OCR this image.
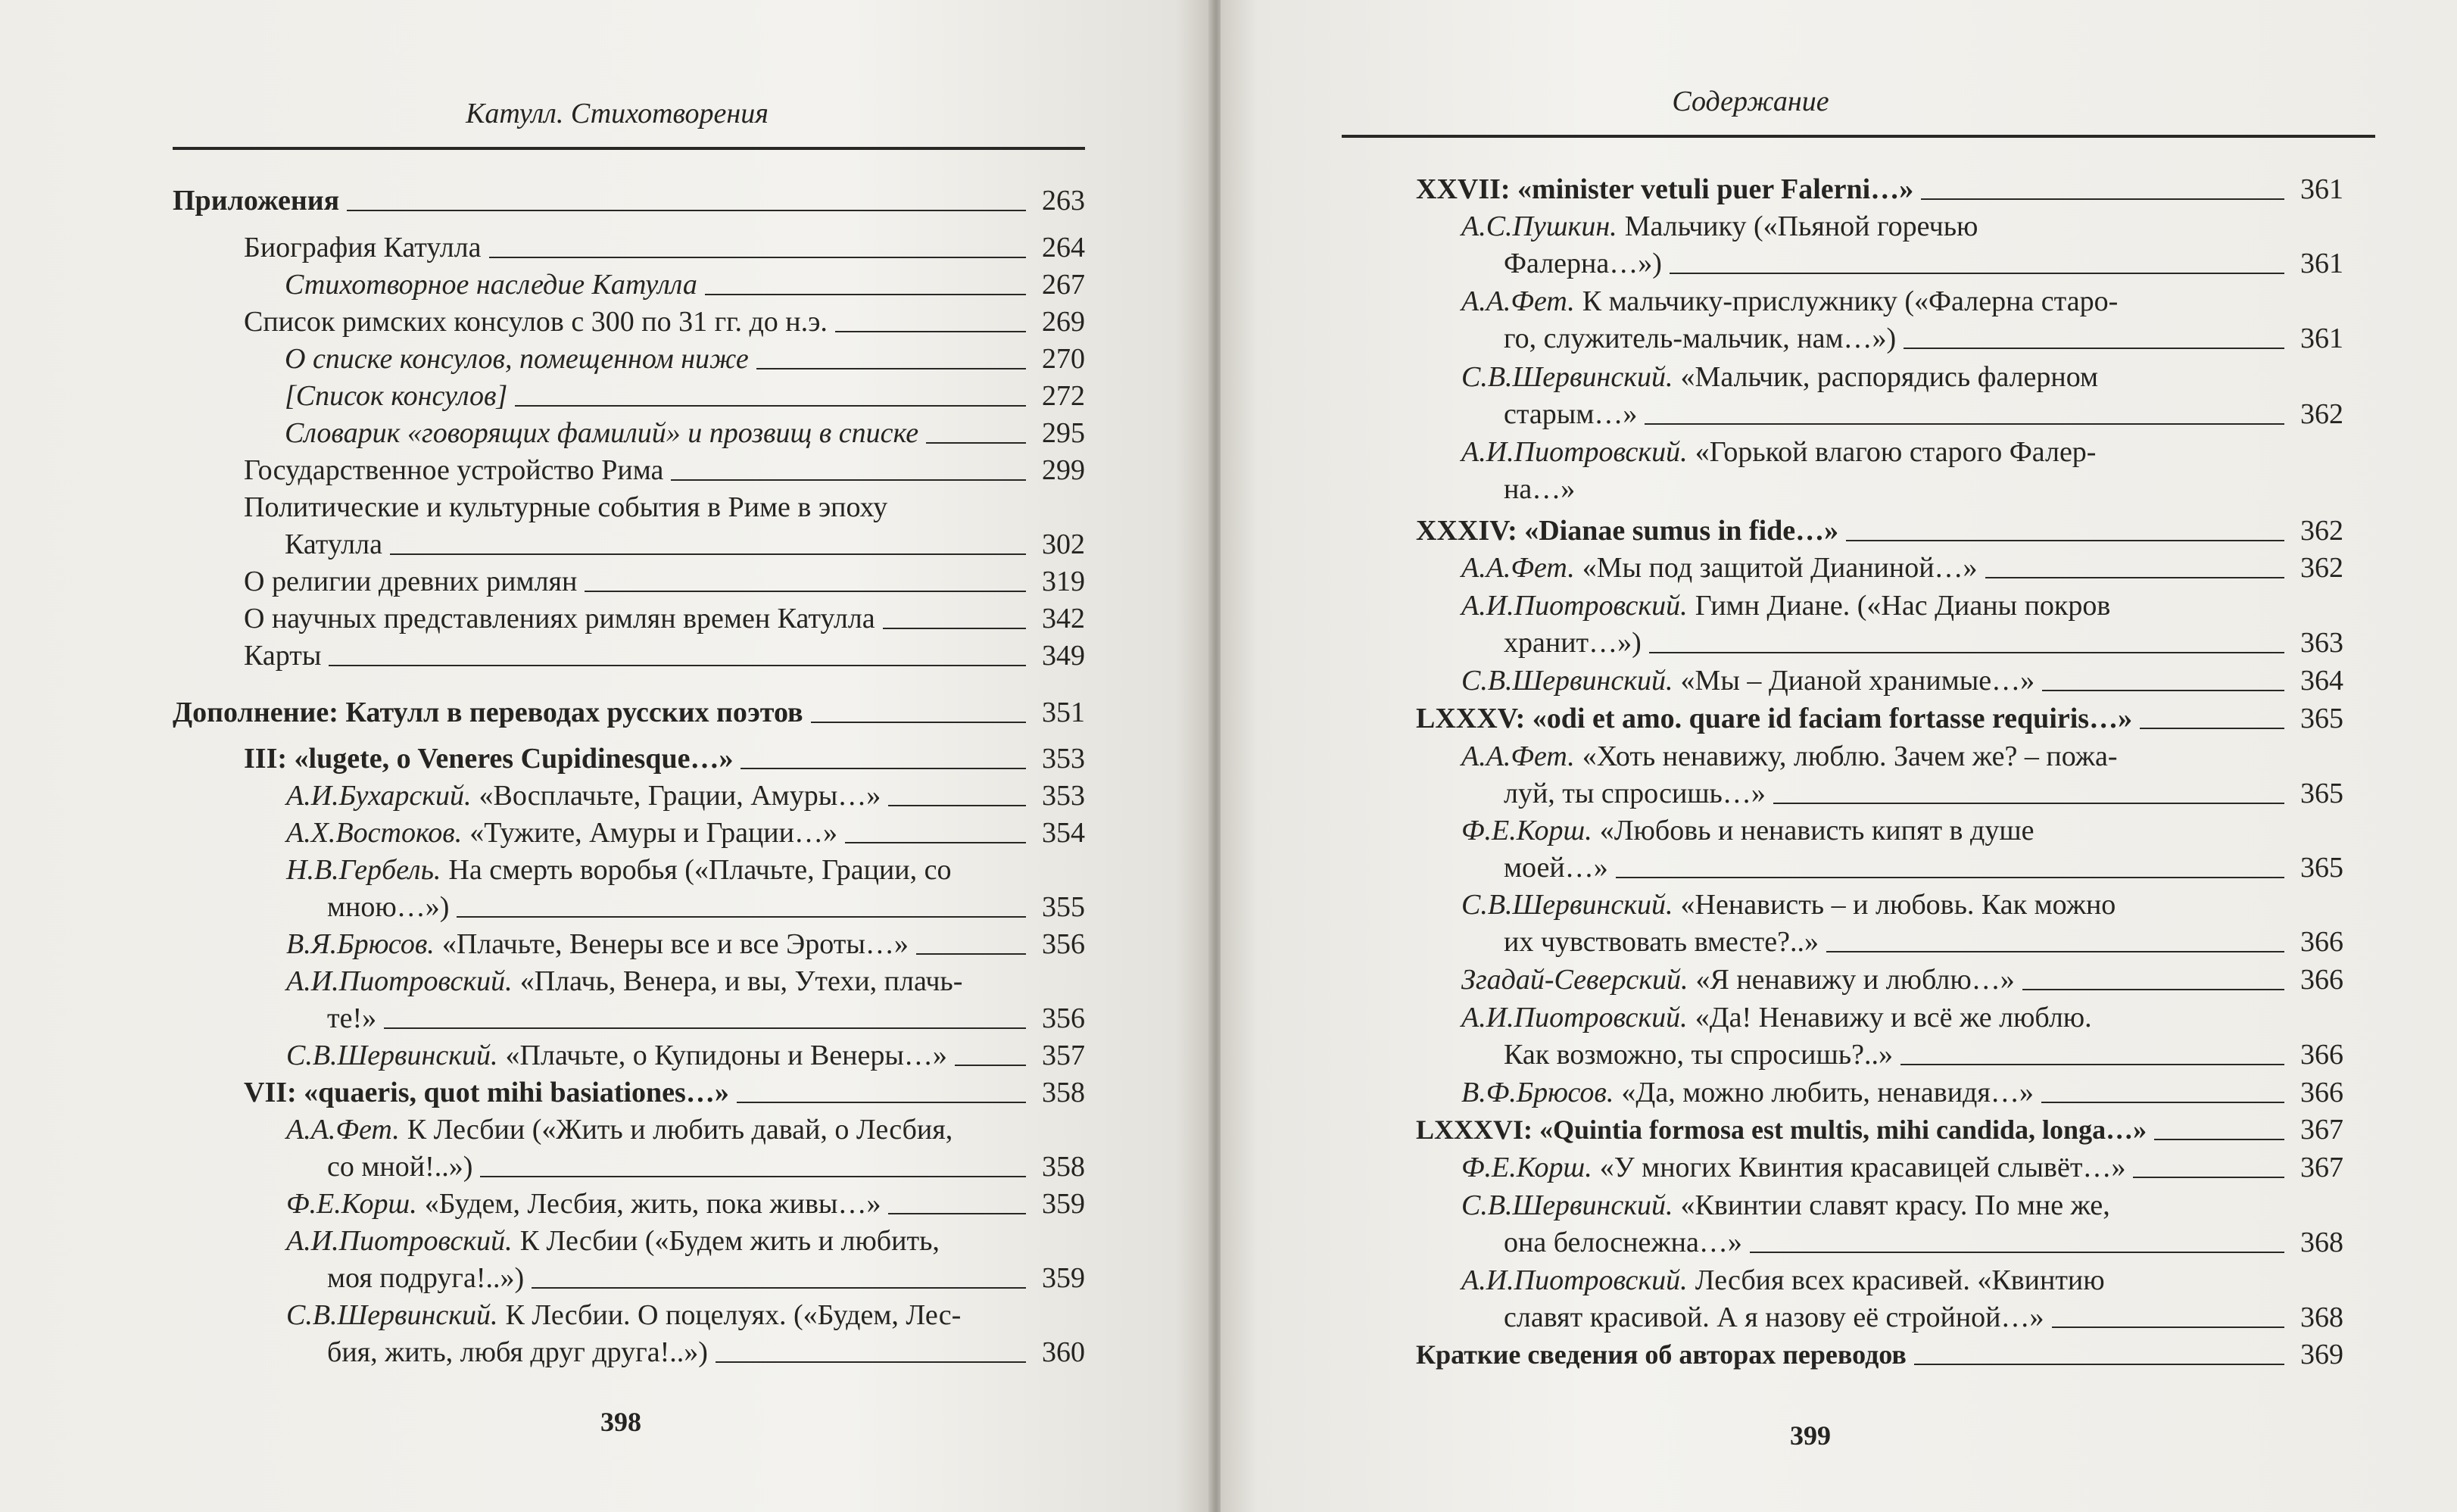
Катулл. Стихотворения
Приложения	263
Биография Катулла	264
Стихотворное наследие Катулла	267
Список римских консулов с 300 по 31 гг. до н.э.	269
О списке консулов, помещенном ниже	270
[Список консулов]	272
Словарик «говорящих фамилий» и прозвищ в списке	295
Государственное устройство Рима	299
Политические и культурные события в Риме в эпоху
Катулла	302
О религии древних римлян	319
О научных представлениях римлян времен Катулла	342
Карты	349
Дополнение: Катулл в переводах русских поэтов	351
III: «lugete, o Veneres Cupidinesque…»	353
А.И.Бухарский. «Восплачьте, Грации, Амуры…»	353
А.Х.Востоков. «Тужите, Амуры и Грации…»	354
Н.В.Гербель. На смерть воробья («Плачьте, Грации, со
мною…»)	355
В.Я.Брюсов. «Плачьте, Венеры все и все Эроты…»	356
А.И.Пиотровский. «Плачь, Венера, и вы, Утехи, плачь-
те!»	356
С.В.Шервинский. «Плачьте, о Купидоны и Венеры…»	357
VII: «quaeris, quot mihi basiationes…»	358
А.А.Фет. К Лесбии («Жить и любить давай, о Лесбия,
со мной!..»)	358
Ф.Е.Корш. «Будем, Лесбия, жить, пока живы…»	359
А.И.Пиотровский. К Лесбии («Будем жить и любить,
моя подруга!..»)	359
С.В.Шервинский. К Лесбии. О поцелуях. («Будем, Лес-
бия, жить, любя друг друга!..»)	360
398
Содержание
XXVII: «minister vetuli puer Falerni…»	361
А.С.Пушкин. Мальчику («Пьяной горечью
Фалерна…»)	361
А.А.Фет. К мальчику-прислужнику («Фалерна старо-
го, служитель-мальчик, нам…»)	361
С.В.Шервинский. «Мальчик, распорядись фалерном
старым…»	362
А.И.Пиотровский. «Горькой влагою старого Фалер-
на…»
XXXIV: «Dianae sumus in fide…»	362
А.А.Фет. «Мы под защитой Дианиной…»	362
А.И.Пиотровский. Гимн Диане. («Нас Дианы покров
хранит…»)	363
С.В.Шервинский. «Мы – Дианой хранимые…»	364
LXXXV: «odi et amo. quare id faciam fortasse requiris…»	365
А.А.Фет. «Хоть ненавижу, люблю. Зачем же? – пожа-
луй, ты спросишь…»	365
Ф.Е.Корш. «Любовь и ненависть кипят в душе
моей…»	365
С.В.Шервинский. «Ненависть – и любовь. Как можно
их чувствовать вместе?..»	366
Згадай-Северский. «Я ненавижу и люблю…»	366
А.И.Пиотровский. «Да! Ненавижу и всё же люблю.
Как возможно, ты спросишь?..»	366
В.Ф.Брюсов. «Да, можно любить, ненавидя…»	366
LXXXVI: «Quintia formosa est multis, mihi candida, longa…»	367
Ф.Е.Корш. «У многих Квинтия красавицей слывёт…»	367
С.В.Шервинский. «Квинтии славят красу. По мне же,
она белоснежна…»	368
А.И.Пиотровский. Лесбия всех красивей. «Квинтию
славят красивой. А я назову её стройной…»	368
Краткие сведения об авторах переводов	369
399
